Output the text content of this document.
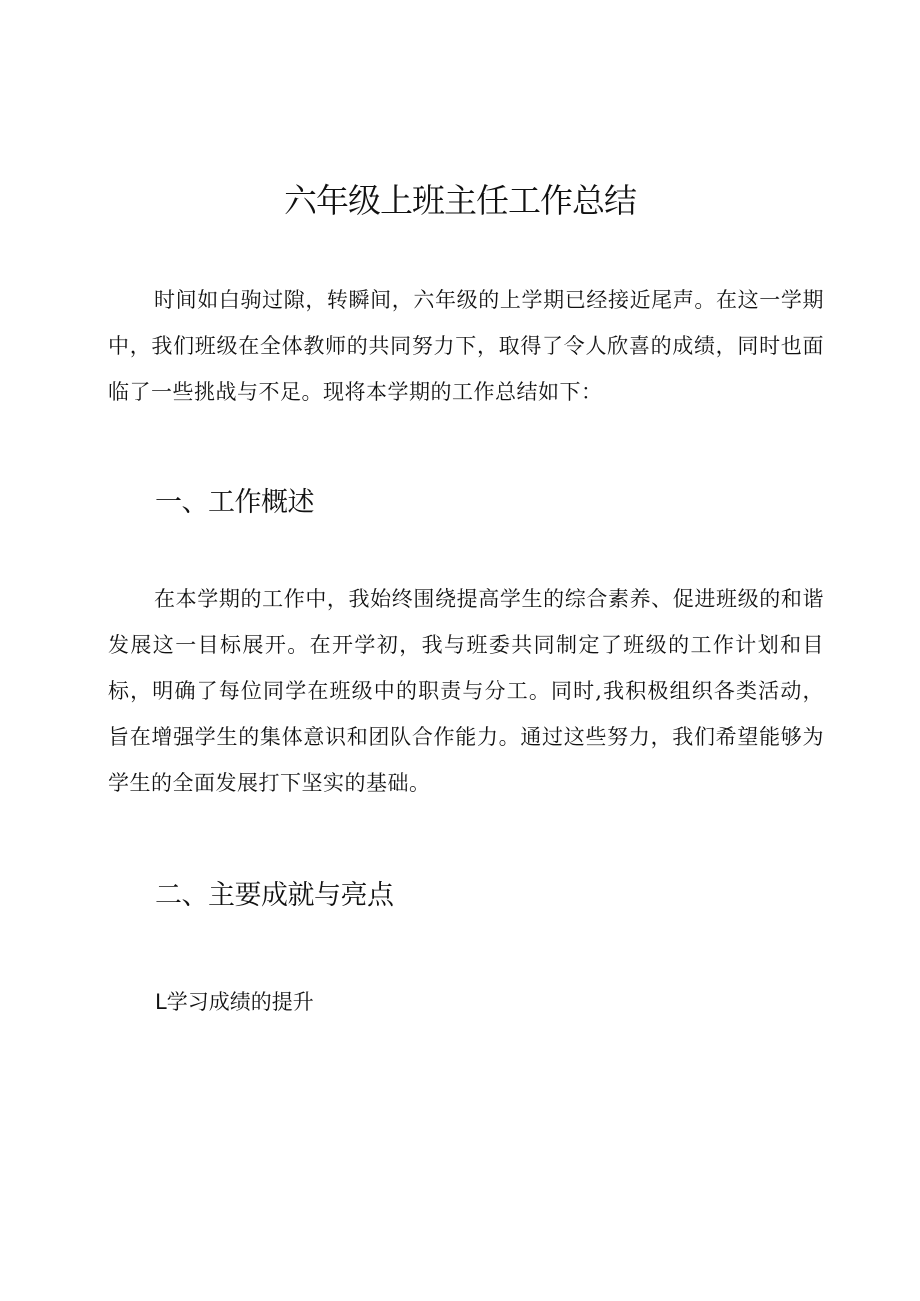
六年级上班主任工作总结

时间如白驹过隙，转瞬间，六年级的上学期已经接近尾声。在这一学期中，我们班级在全体教师的共同努力下，取得了令人欣喜的成绩，同时也面临了一些挑战与不足。现将本学期的工作总结如下：

一、工作概述

在本学期的工作中，我始终围绕提高学生的综合素养、促进班级的和谐发展这一目标展开。在开学初，我与班委共同制定了班级的工作计划和目标，明确了每位同学在班级中的职责与分工。同时,我积极组织各类活动，旨在增强学生的集体意识和团队合作能力。通过这些努力，我们希望能够为学生的全面发展打下坚实的基础。

二、主要成就与亮点
L学习成绩的提升
